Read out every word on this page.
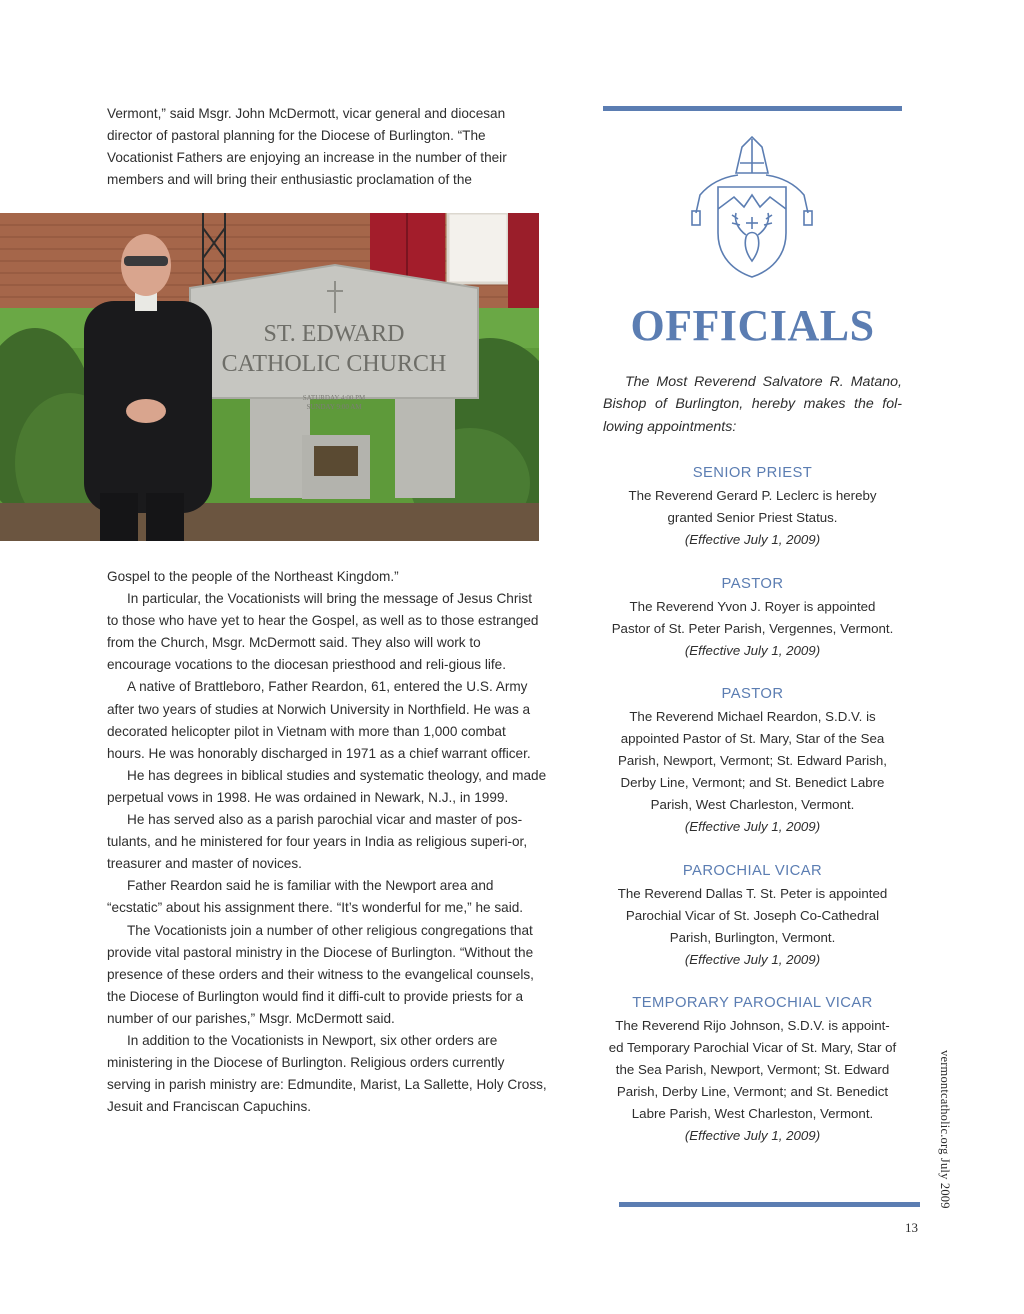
Vermont,” said Msgr. John McDermott, vicar general and diocesan director of pastoral planning for the Diocese of Burlington. “The Vocationist Fathers are enjoying an increase in the number of their members and will bring their enthusiastic proclamation of the

ST. EDWARD
CATHOLIC CHURCH
SATURDAY 4:00 PM
SUNDAY 9:00 AM

Gospel to the people of the Northeast Kingdom.”

In particular, the Vocationists will bring the message of Jesus Christ to those who have yet to hear the Gospel, as well as to those estranged from the Church, Msgr. McDermott said. They also will work to encourage vocations to the diocesan priesthood and reli-gious life.

A native of Brattleboro, Father Reardon, 61, entered the U.S. Army after two years of studies at Norwich University in Northfield. He was a decorated helicopter pilot in Vietnam with more than 1,000 combat hours. He was honorably discharged in 1971 as a chief warrant officer.

He has degrees in biblical studies and systematic theology, and made perpetual vows in 1998. He was ordained in Newark, N.J., in 1999.

He has served also as a parish parochial vicar and master of pos-tulants, and he ministered for four years in India as religious superi-or, treasurer and master of novices.

Father Reardon said he is familiar with the Newport area and “ecstatic” about his assignment there. “It’s wonderful for me,” he said.

The Vocationists join a number of other religious congregations that provide vital pastoral ministry in the Diocese of Burlington. “Without the presence of these orders and their witness to the evangelical counsels, the Diocese of Burlington would find it diffi-cult to provide priests for a number of our parishes,” Msgr. McDermott said.

In addition to the Vocationists in Newport, six other orders are ministering in the Diocese of Burlington. Religious orders currently serving in parish ministry are: Edmundite, Marist, La Sallette, Holy Cross, Jesuit and Franciscan Capuchins.

OFFICIALS
The Most Reverend Salvatore R. Matano, Bishop of Burlington, hereby makes the fol-lowing appointments:
SENIOR PRIEST
The Reverend Gerard P. Leclerc is hereby
granted Senior Priest Status.
(Effective July 1, 2009)
PASTOR
The Reverend Yvon J. Royer is appointed
Pastor of St. Peter Parish, Vergennes, Vermont.
(Effective July 1, 2009)
PASTOR
The Reverend Michael Reardon, S.D.V. is
appointed Pastor of St. Mary, Star of the Sea
Parish, Newport, Vermont; St. Edward Parish,
Derby Line, Vermont; and St. Benedict Labre
Parish, West Charleston, Vermont.
(Effective July 1, 2009)
PAROCHIAL VICAR
The Reverend Dallas T. St. Peter is appointed
Parochial Vicar of St. Joseph Co-Cathedral
Parish, Burlington, Vermont.
(Effective July 1, 2009)
TEMPORARY PAROCHIAL VICAR
The Reverend Rijo Johnson, S.D.V. is appoint-
ed Temporary Parochial Vicar of St. Mary, Star of
the Sea Parish, Newport, Vermont; St. Edward
Parish, Derby Line, Vermont; and St. Benedict
Labre Parish, West Charleston, Vermont.
(Effective July 1, 2009)	vermontcatholic.org July 2009
13
